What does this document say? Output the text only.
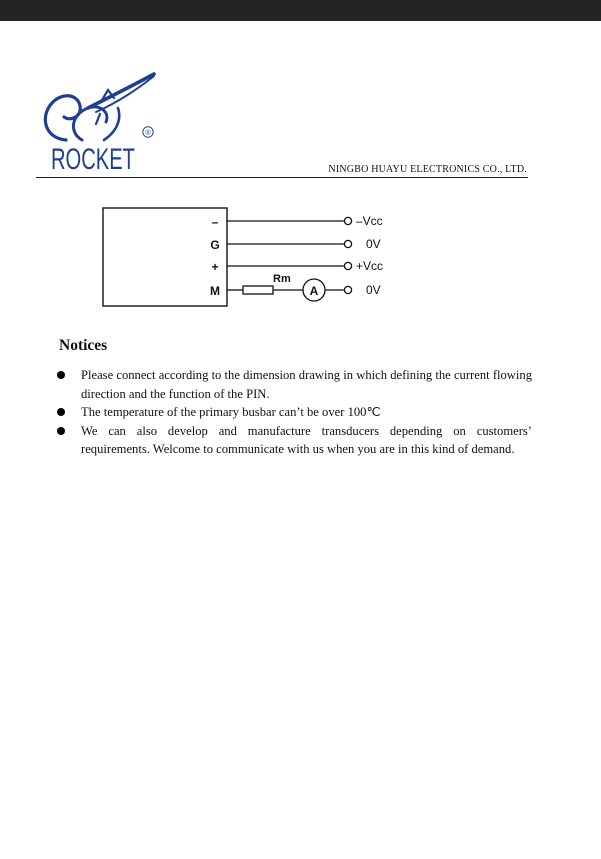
®
ROCKET	NINGBO HUAYU ELECTRONICS CO., LTD.
–
G
+
M
Rm
A
–Vcc
0V
+Vcc
0V
Notices
Please connect according to the dimension drawing in which defining the current flowing direction and the function of the PIN.
The temperature of the primary busbar can’t be over 100℃
We can also develop and manufacture transducers depending on customers’ requirements. Welcome to communicate with us when you are in this kind of demand.
